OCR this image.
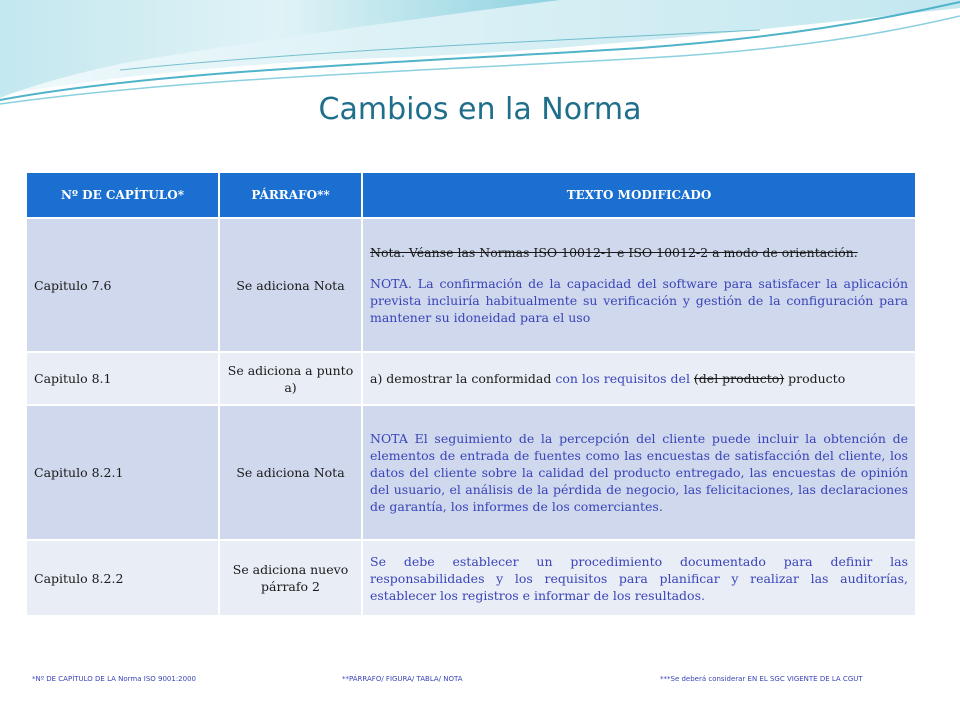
Cambios en la Norma
Nº DE CAPÍTULO*	PÁRRAFO**	TEXTO MODIFICADO
Capitulo 7.6	Se adiciona Nota	Nota. Véanse las Normas ISO 10012-1 e ISO 10012-2 a modo de orientación.
NOTA. La confirmación de la capacidad del software para satisfacer la aplicación prevista incluiría habitualmente su verificación y gestión de la configuración para mantener su idoneidad para el uso

Capitulo 8.1	Se adiciona a punto a)	a) demostrar la conformidad con los requisitos del (del producto) producto
Capitulo 8.2.1	Se adiciona Nota	NOTA El seguimiento de la percepción del cliente puede incluir la obtención de elementos de entrada de fuentes como las encuestas de satisfacción del cliente, los datos del cliente sobre la calidad del producto entregado, las encuestas de opinión del usuario, el análisis de la pérdida de negocio, las felicitaciones, las declaraciones de garantía, los informes de los comerciantes.
Capitulo 8.2.2	Se adiciona nuevo párrafo 2	Se debe establecer un procedimiento documentado para definir las responsabilidades y los requisitos para planificar y realizar las auditorías, establecer los registros e informar de los resultados.
*Nº DE CAPÍTULO DE LA Norma ISO 9001:2000	**PÁRRAFO/ FIGURA/ TABLA/ NOTA	***Se deberá considerar EN EL SGC VIGENTE DE LA CGUT
